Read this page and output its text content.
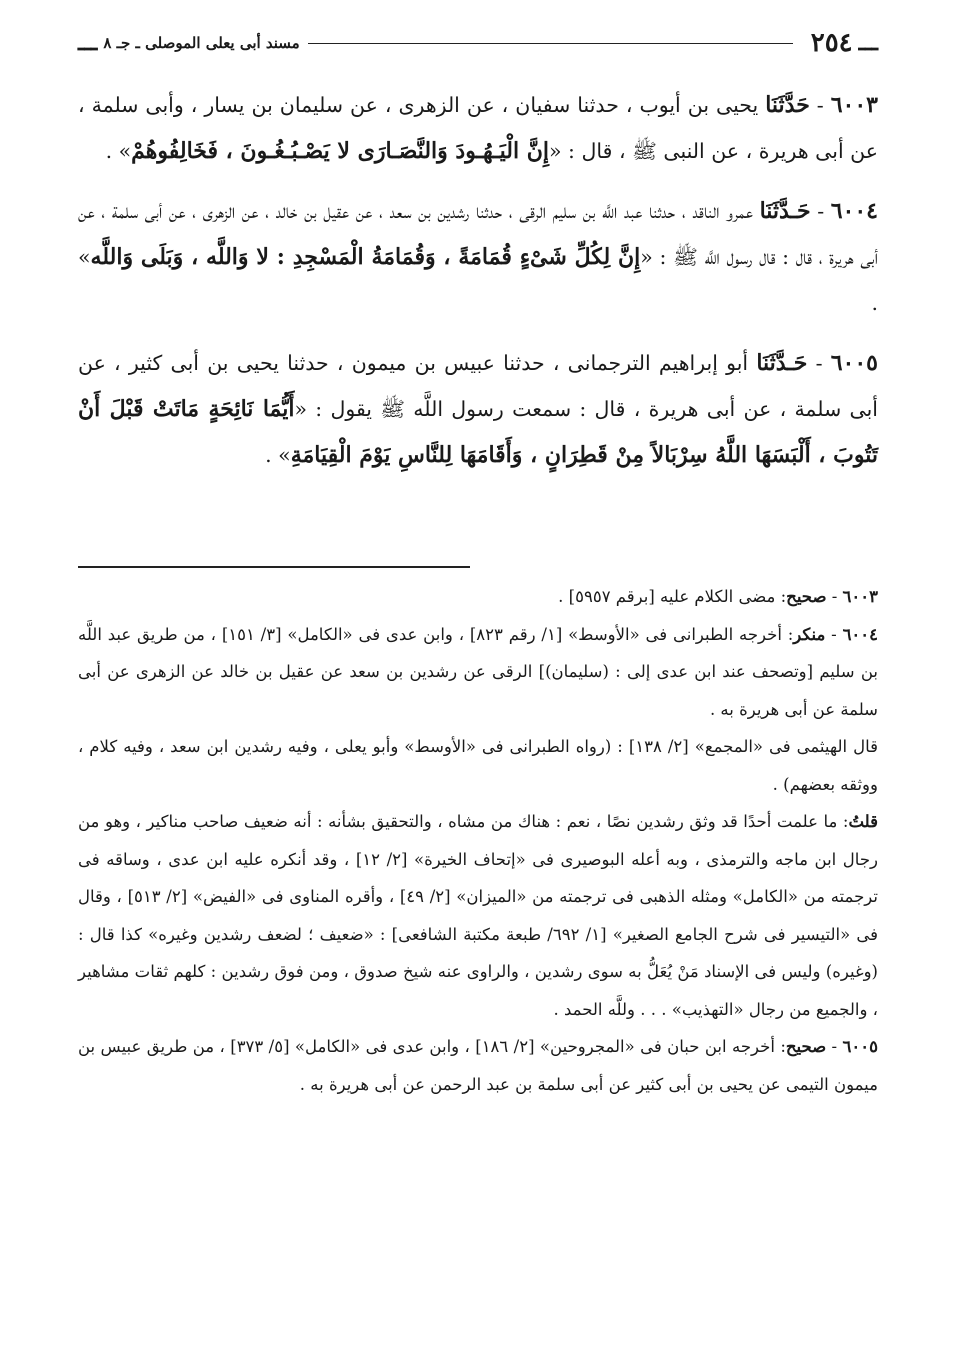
ـــ
٢٥٤
مسند أبى يعلى الموصلى ـ جـ ٨
ـــ

٦٠٠٣ - حَدَّثَنَا يحيى بن أيوب ، حدثنا سفيان ، عن الزهرى ، عن سليمان بن يسار ، وأبى سلمة ، عن أبى هريرة ، عن النبى ﷺ ، قال : «إِنَّ الْيَـهُـودَ وَالنَّصَـارَى لا يَصْـبُـغُـونَ ، فَخَالِفُوهُمْ» .

٦٠٠٤ - حَـدَّثَنَا عمرو الناقد ، حدثنا عبد اللَّه بن سليم الرقى ، حدثنا رشدين بن سعد ، عن عقيل بن خالد ، عن الزهرى ، عن أبى سلمة ، عن أبى هريرة ، قال : قال رسول اللَّه ﷺ : «إِنَّ لِكُلِّ شَىْءٍ قُمَامَةً ، وَقُمَامَةُ الْمَسْجِدِ : لا وَاللَّه ، وَبَلَى وَاللَّه» .

٦٠٠٥ - حَـدَّثَنَا أبو إبراهيم الترجمانى ، حدثنا عبيس بن ميمون ، حدثنا يحيى بن أبى كثير ، عن أبى سلمة ، عن أبى هريرة ، قال : سمعت رسول اللَّه ﷺ يقول : «أَيُّمَا نَائِحَةٍ مَاتَتْ قَبْلَ أَنْ تَتُوبَ ، أَلْبَسَهَا اللَّهُ سِرْبَالاً مِنْ قَطِرَانٍ ، وَأَقَامَهَا لِلنَّاسِ يَوْمَ الْقِيَامَةِ» .

٦٠٠٣ - صحيح: مضى الكلام عليه [برقم ٥٩٥٧] .

٦٠٠٤ - منكر: أخرجه الطبرانى فى «الأوسط» [١/ رقم ٨٢٣] ، وابن عدى فى «الكامل» [٣/ ١٥١] ، من طريق عبد اللَّه بن سليم [وتصحف عند ابن عدى إلى : (سليمان)] الرقى عن رشدين بن سعد عن عقيل بن خالد عن الزهرى عن أبى سلمة عن أبى هريرة به .

قال الهيثمى فى «المجمع» [٢/ ١٣٨] : (رواه الطبرانى فى «الأوسط» وأبو يعلى ، وفيه رشدين ابن سعد ، وفيه كلام ، ووثقه بعضهم) .

قلتُ: ما علمت أحدًا قد وثق رشدين نصًا ، نعم : هناك من مشاه ، والتحقيق بشأنه : أنه ضعيف صاحب مناكير ، وهو من رجال ابن ماجه والترمذى ، وبه أعله البوصيرى فى «إتحاف الخيرة» [٢/ ١٢] ، وقد أنكره عليه ابن عدى ، وساقه فى ترجمته من «الكامل» ومثله الذهبى فى ترجمته من «الميزان» [٢/ ٤٩] ، وأقره المناوى فى «الفيض» [٢/ ٥١٣] ، وقال فى «التيسير فى شرح الجامع الصغير» [١/ ٦٩٢/ طبعة مكتبة الشافعى] : «ضعيف ؛ لضعف رشدين وغيره» كذا قال : (وغيره) وليس فى الإسناد مَنْ يُعَلُّ به سوى رشدين ، والراوى عنه شيخ صدوق ، ومن فوق رشدين : كلهم ثقات مشاهير ، والجميع من رجال «التهذيب» . . . وللَّه الحمد .

٦٠٠٥ - صحيح: أخرجه ابن حبان فى «المجروحين» [٢/ ١٨٦] ، وابن عدى فى «الكامل» [٥/ ٣٧٣] ، من طريق عبيس بن ميمون التيمى عن يحيى بن أبى كثير عن أبى سلمة بن عبد الرحمن عن أبى هريرة به .
